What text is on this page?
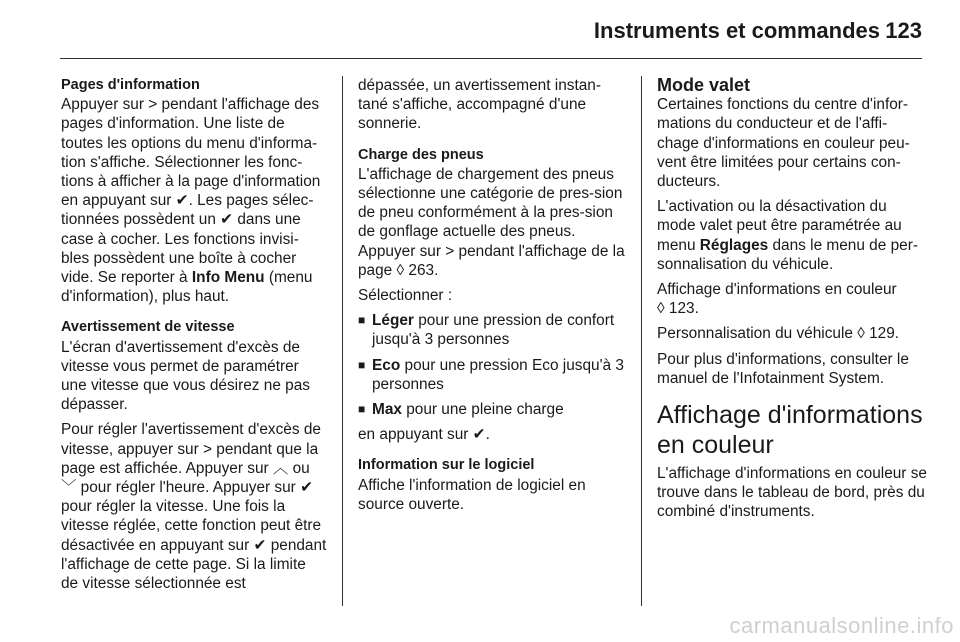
Instruments et commandes 123

Pages d'information

Appuyer sur > pendant l'affichage des pages d'information. Une liste de toutes les options du menu d'informa-tion s'affiche. Sélectionner les fonc-tions à afficher à la page d'information en appuyant sur ✔. Les pages sélec-tionnées possèdent un ✔ dans une case à cocher. Les fonctions invisi-bles possèdent une boîte à cocher vide. Se reporter à Info Menu (menu d'information), plus haut.

Avertissement de vitesse

L'écran d'avertissement d'excès de vitesse vous permet de paramétrer une vitesse que vous désirez ne pas dépasser.

Pour régler l'avertissement d'excès de vitesse, appuyer sur > pendant que la page est affichée. Appuyer sur ︿ ou ﹀ pour régler l'heure. Appuyer sur ✔ pour régler la vitesse. Une fois la vitesse réglée, cette fonction peut être désactivée en appuyant sur ✔ pendant l'affichage de cette page. Si la limite de vitesse sélectionnée est

dépassée, un avertissement instan-tané s'affiche, accompagné d'une sonnerie.

Charge des pneus

L'affichage de chargement des pneus sélectionne une catégorie de pres-sion de pneu conformément à la pres-sion de gonflage actuelle des pneus. Appuyer sur > pendant l'affichage de la page ◊ 263.

Sélectionner :

■ Léger pour une pression de confort jusqu'à 3 personnes
■ Eco pour une pression Eco jusqu'à 3 personnes
■ Max pour une pleine charge

en appuyant sur ✔.

Information sur le logiciel

Affiche l'information de logiciel en source ouverte.

Mode valet

Certaines fonctions du centre d'infor-mations du conducteur et de l'affi-chage d'informations en couleur peu-vent être limitées pour certains con-ducteurs.

L'activation ou la désactivation du mode valet peut être paramétrée au menu Réglages dans le menu de per-sonnalisation du véhicule.

Affichage d'informations en couleur
◊ 123.

Personnalisation du véhicule ◊ 129.

Pour plus d'informations, consulter le manuel de l'Infotainment System.

Affichage d'informations en couleur

L'affichage d'informations en couleur se trouve dans le tableau de bord, près du combiné d'instruments.

carmanualsonline.info
